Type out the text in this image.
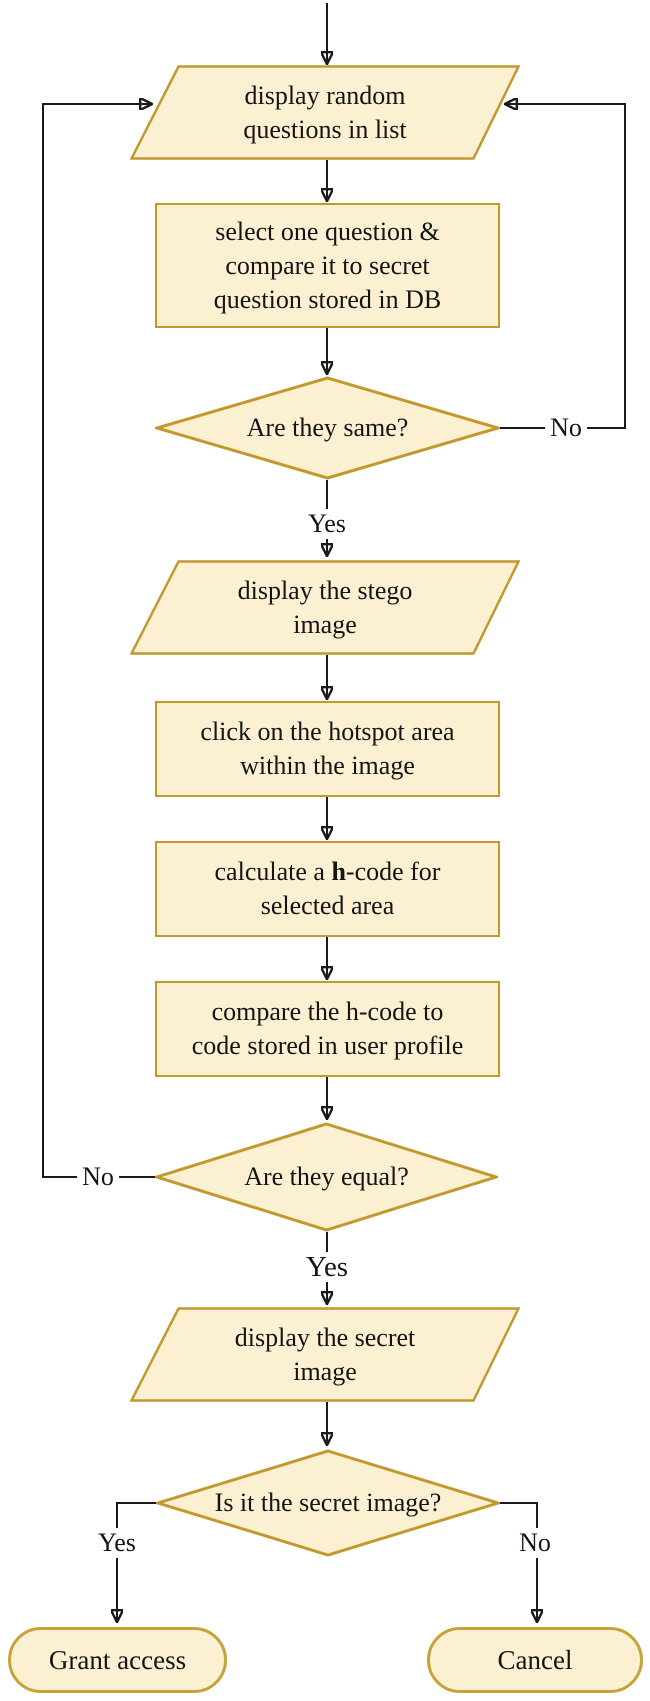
display random
questions in list
select one question &
compare it to secret
question stored in DB
Are they same?
display the stego
image
click on the hotspot area
within the image
calculate a h-code for
selected area
compare the h-code to
code stored in user profile
Are they equal?
display the secret
image
Is it the secret image?
Grant access	Cancel
No
Yes
No
Yes
Yes	No
